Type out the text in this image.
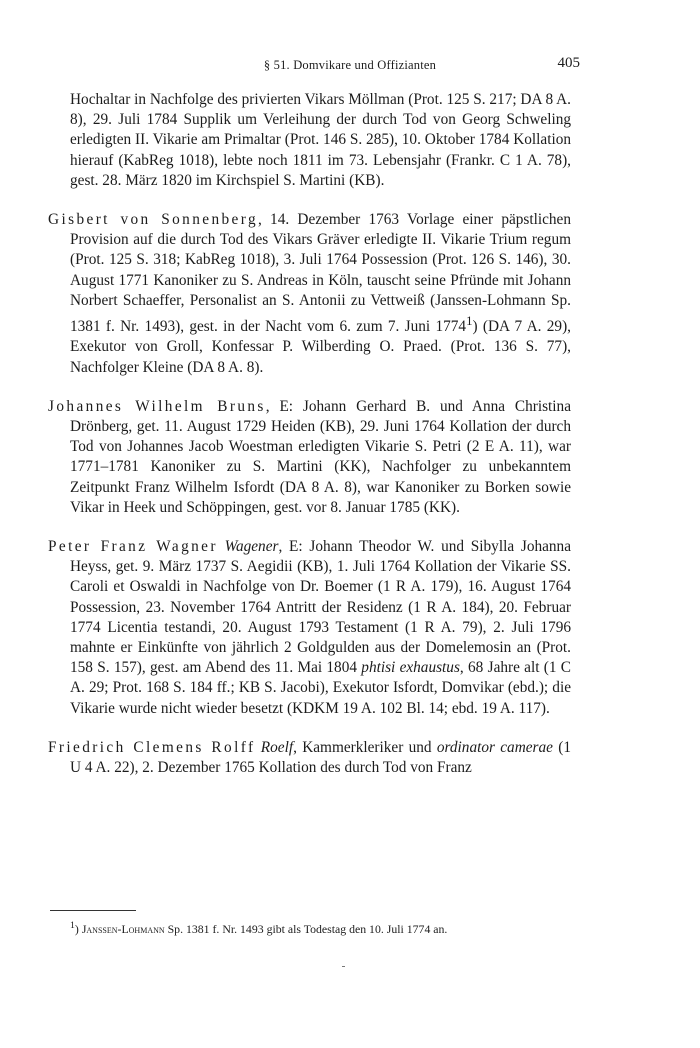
§ 51. Domvikare und Offizianten	405

Hochaltar in Nachfolge des privierten Vikars Möllman (Prot. 125 S. 217; DA 8 A. 8), 29. Juli 1784 Supplik um Verleihung der durch Tod von Georg Schweling erledigten II. Vikarie am Primaltar (Prot. 146 S. 285), 10. Oktober 1784 Kollation hierauf (KabReg 1018), lebte noch 1811 im 73. Lebensjahr (Frankr. C 1 A. 78), gest. 28. März 1820 im Kirchspiel S. Martini (KB).

Gisbert von Sonnenberg, 14. Dezember 1763 Vorlage einer päpstlichen Provision auf die durch Tod des Vikars Gräver erledigte II. Vikarie Trium regum (Prot. 125 S. 318; KabReg 1018), 3. Juli 1764 Possession (Prot. 126 S. 146), 30. August 1771 Kanoniker zu S. Andreas in Köln, tauscht seine Pfründe mit Johann Norbert Schaeffer, Personalist an S. Antonii zu Vettweiß (Janssen-Lohmann Sp. 1381 f. Nr. 1493), gest. in der Nacht vom 6. zum 7. Juni 1774$^1$) (DA 7 A. 29), Exekutor von Groll, Konfessar P. Wilberding O. Praed. (Prot. 136 S. 77), Nachfolger Kleine (DA 8 A. 8).

Johannes Wilhelm Bruns, E: Johann Gerhard B. und Anna Christina Drönberg, get. 11. August 1729 Heiden (KB), 29. Juni 1764 Kollation der durch Tod von Johannes Jacob Woestman erledigten Vikarie S. Petri (2 E A. 11), war 1771–1781 Kanoniker zu S. Martini (KK), Nachfolger zu unbekanntem Zeitpunkt Franz Wilhelm Isfordt (DA 8 A. 8), war Kanoniker zu Borken sowie Vikar in Heek und Schöppingen, gest. vor 8. Januar 1785 (KK).

Peter Franz Wagner Wagener, E: Johann Theodor W. und Sibylla Johanna Heyss, get. 9. März 1737 S. Aegidii (KB), 1. Juli 1764 Kollation der Vikarie SS. Caroli et Oswaldi in Nachfolge von Dr. Boemer (1 R A. 179), 16. August 1764 Possession, 23. November 1764 Antritt der Residenz (1 R A. 184), 20. Februar 1774 Licentia testandi, 20. August 1793 Testament (1 R A. 79), 2. Juli 1796 mahnte er Einkünfte von jährlich 2 Goldgulden aus der Domelemosin an (Prot. 158 S. 157), gest. am Abend des 11. Mai 1804 phtisi exhaustus, 68 Jahre alt (1 C A. 29; Prot. 168 S. 184 ff.; KB S. Jacobi), Exekutor Isfordt, Domvikar (ebd.); die Vikarie wurde nicht wieder besetzt (KDKM 19 A. 102 Bl. 14; ebd. 19 A. 117).

Friedrich Clemens Rolff Roelf, Kammerkleriker und ordinator camerae (1 U 4 A. 22), 2. Dezember 1765 Kollation des durch Tod von Franz

$^1$) Janssen-Lohmann Sp. 1381 f. Nr. 1493 gibt als Todestag den 10. Juli 1774 an.
